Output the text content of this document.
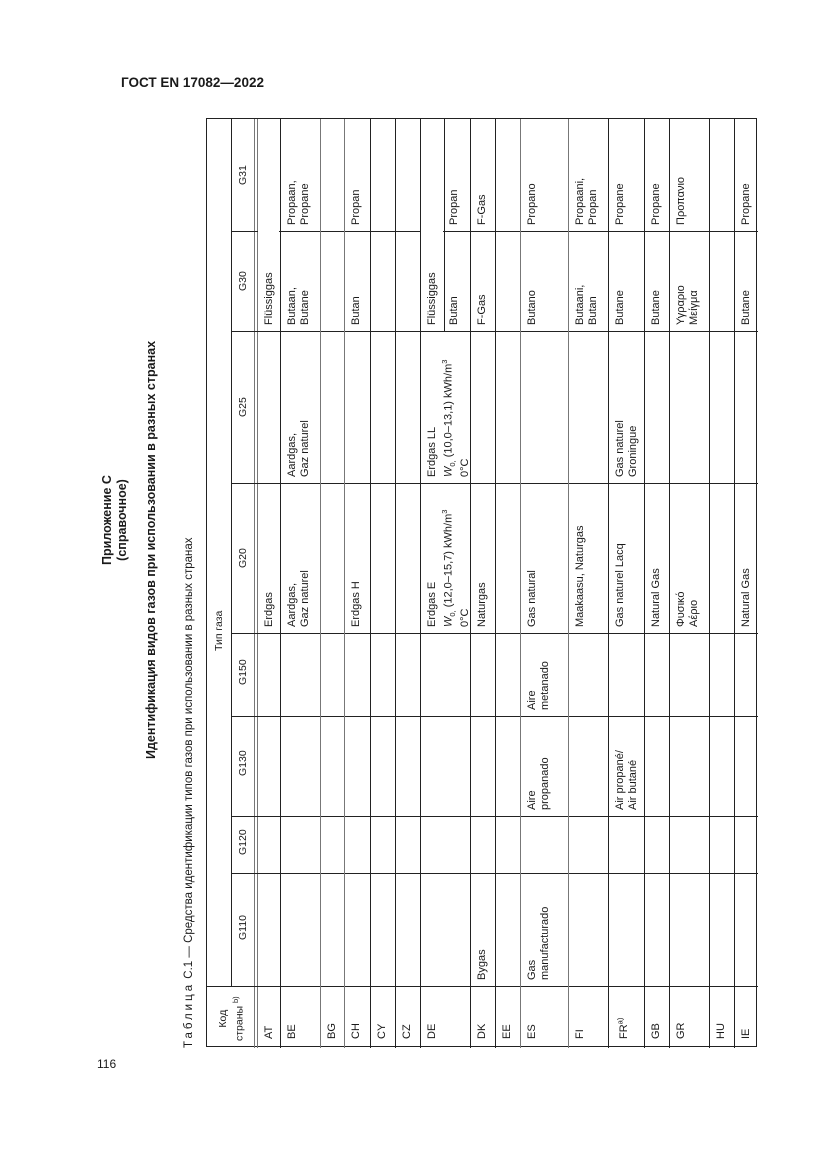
ГОСТ EN 17082—2022
Приложение С (справочное) Идентификация видов газов при использовании в разных странах
Таблица С.1 — Средства идентификации типов газов при использовании в разных странах
116
Тип газа
G110
G120
G130
G150
G20
G25
G30
G31
Код страны $^{b)}$
AT
Erdgas
Flüssiggas
BE
Aardgas, Gaz naturel
Aardgas, Gaz naturel
Butaan, Butane
Propaan, Propane
BG CH
Erdgas H
Butan
Propan
CY CZ DE
Erdgas E $W_{0,}$ (12,0–15,7) kWh/$m^3$
0°C
Erdgas LL $W_{0,}$ (10,0–13,1) kWh/$m^3$
0°C
Flüssiggas Butan
Propan
DK
Bygas
Naturgas
F-Gas
F-Gas
EE ES
Gas manufacturado
Aire propanado
Aire metanado
Gas natural
Butano
Propano
FI
Maakaasu, Naturgas
Butaani, Butan
Propaani, Propan
FR$^{a)}$
Air propané/ Air butané
Gas naturel Lacq
Gas naturel Groningue
Butane
Propane
GB
Natural Gas
Butane
Propane
GR
Φυσικό Αέριο
Υγραριο Μείγμα
Προπανιο
HU IE
Natural Gas
Butane
Propane
